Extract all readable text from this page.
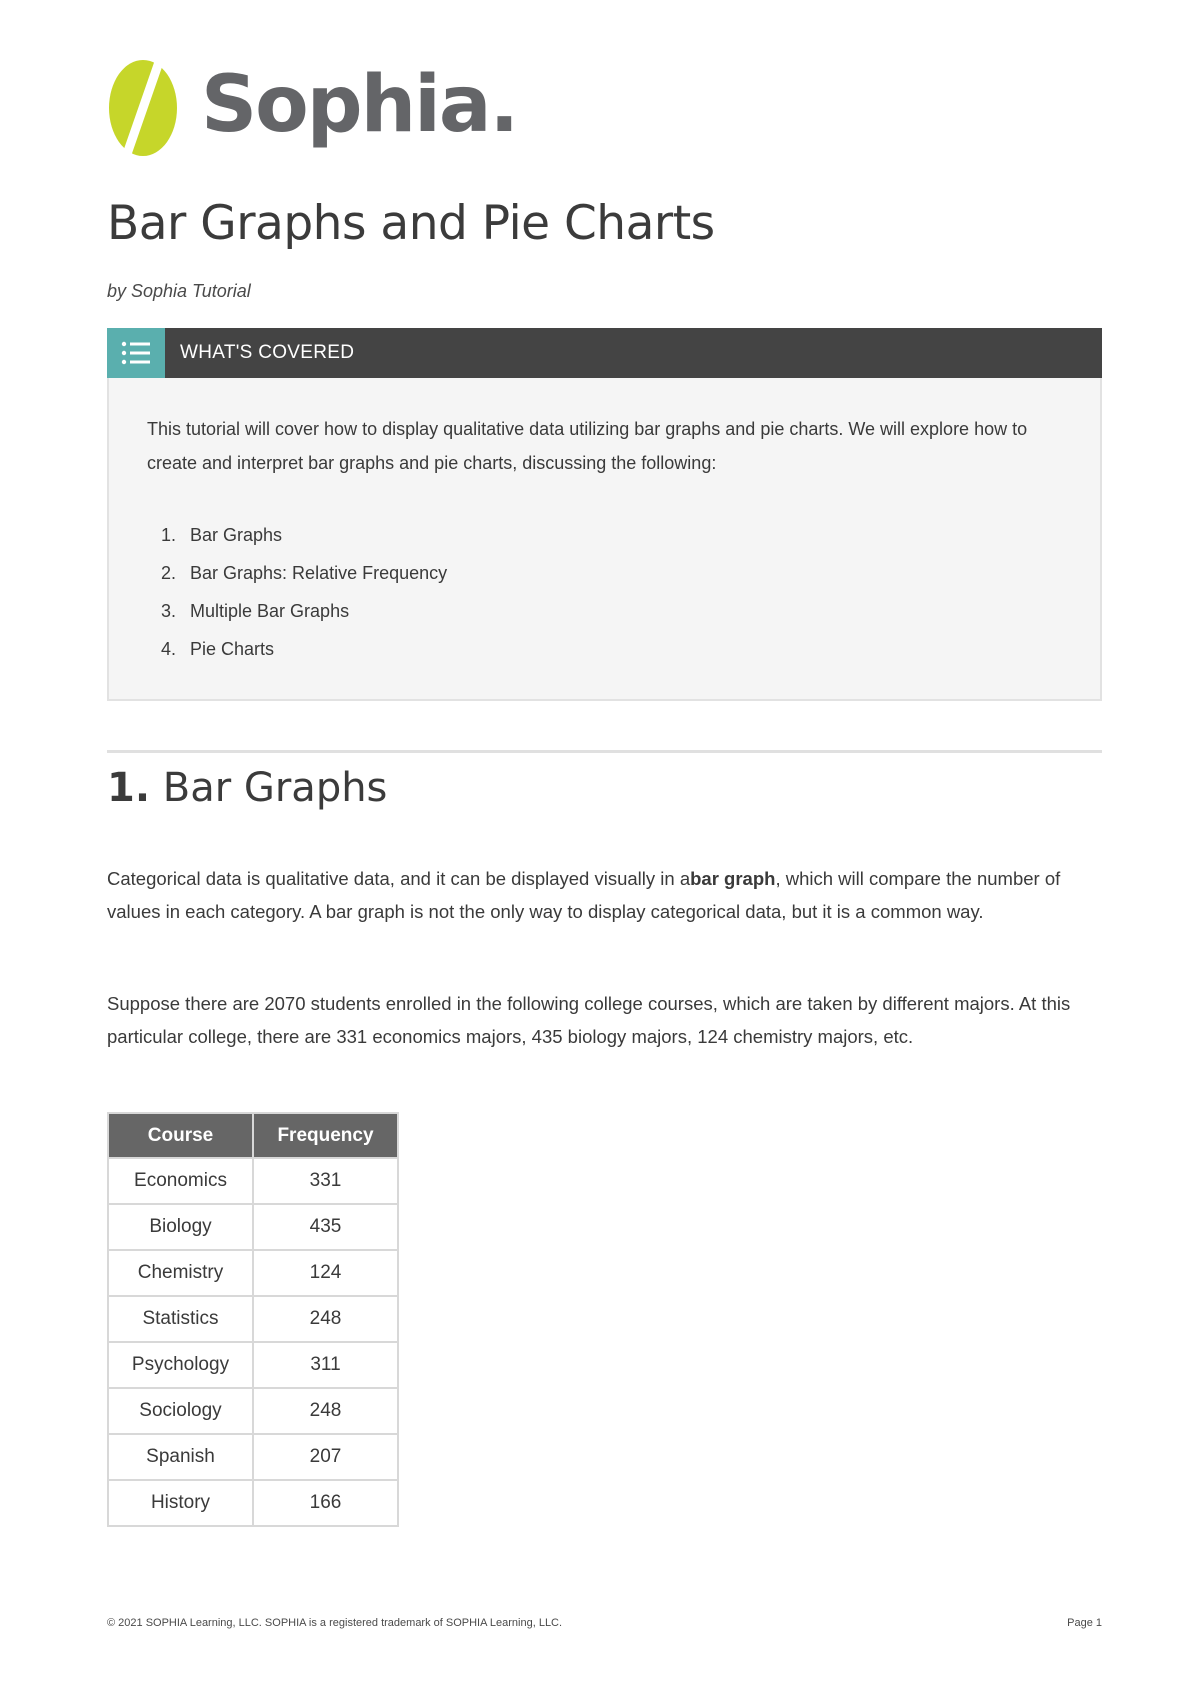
Sophia.
Bar Graphs and Pie Charts
by Sophia Tutorial
WHAT'S COVERED
This tutorial will cover how to display qualitative data utilizing bar graphs and pie charts. We will explore how to create and interpret bar graphs and pie charts, discussing the following:
1. Bar Graphs
2. Bar Graphs: Relative Frequency
3. Multiple Bar Graphs
4. Pie Charts
1. Bar Graphs

Categorical data is qualitative data, and it can be displayed visually in abar graph, which will compare the number of values in each category. A bar graph is not the only way to display categorical data, but it is a common way.

Suppose there are 2070 students enrolled in the following college courses, which are taken by different majors. At this particular college, there are 331 economics majors, 435 biology majors, 124 chemistry majors, etc.

Course	Frequency
Economics	331
Biology	435
Chemistry	124
Statistics	248
Psychology	311
Sociology	248
Spanish	207
History	166
© 2021 SOPHIA Learning, LLC. SOPHIA is a registered trademark of SOPHIA Learning, LLC.	Page 1
